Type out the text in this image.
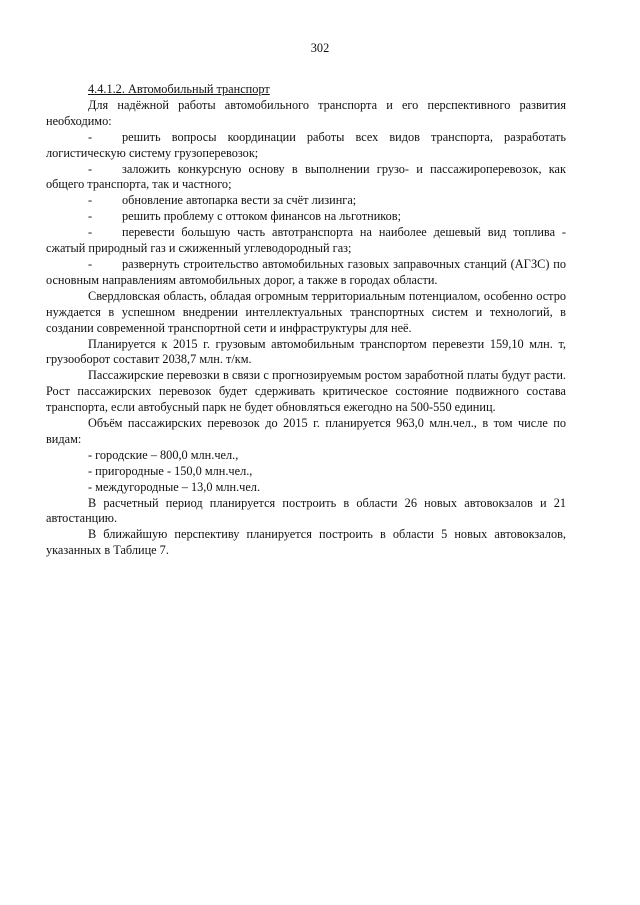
302

4.4.1.2. Автомобильный транспорт

Для надёжной работы автомобильного транспорта и его перспективного развития необходимо:

- решить вопросы координации работы всех видов транспорта, разработать логистическую систему грузоперевозок;

- заложить конкурсную основу в выполнении грузо- и пассажироперевозок, как общего транспорта, так и частного;

- обновление автопарка вести за счёт лизинга;

- решить проблему с оттоком финансов на льготников;

- перевести большую часть автотранспорта на наиболее дешевый вид топлива - сжатый природный газ и сжиженный углеводородный газ;

- развернуть строительство автомобильных газовых заправочных станций (АГЗС) по основным направлениям автомобильных дорог, а также в городах области.

Свердловская область, обладая огромным территориальным потенциалом, особенно остро нуждается в успешном внедрении интеллектуальных транспортных систем и технологий, в создании современной транспортной сети и инфраструктуры для неё.

Планируется к 2015 г. грузовым автомобильным транспортом перевезти 159,10 млн. т, грузооборот составит 2038,7 млн. т/км.

Пассажирские перевозки в связи с прогнозируемым ростом заработной платы будут расти. Рост пассажирских перевозок будет сдерживать критическое состояние подвижного состава транспорта, если автобусный парк не будет обновляться ежегодно на 500-550 единиц.

Объём пассажирских перевозок до 2015 г. планируется 963,0 млн.чел., в том числе по видам:

- городские – 800,0 млн.чел.,

- пригородные - 150,0 млн.чел.,

- междугородные – 13,0 млн.чел.

В расчетный период планируется построить в области 26 новых автовокзалов и 21 автостанцию.

В ближайшую перспективу планируется построить в области 5 новых автовокзалов, указанных в Таблице 7.
